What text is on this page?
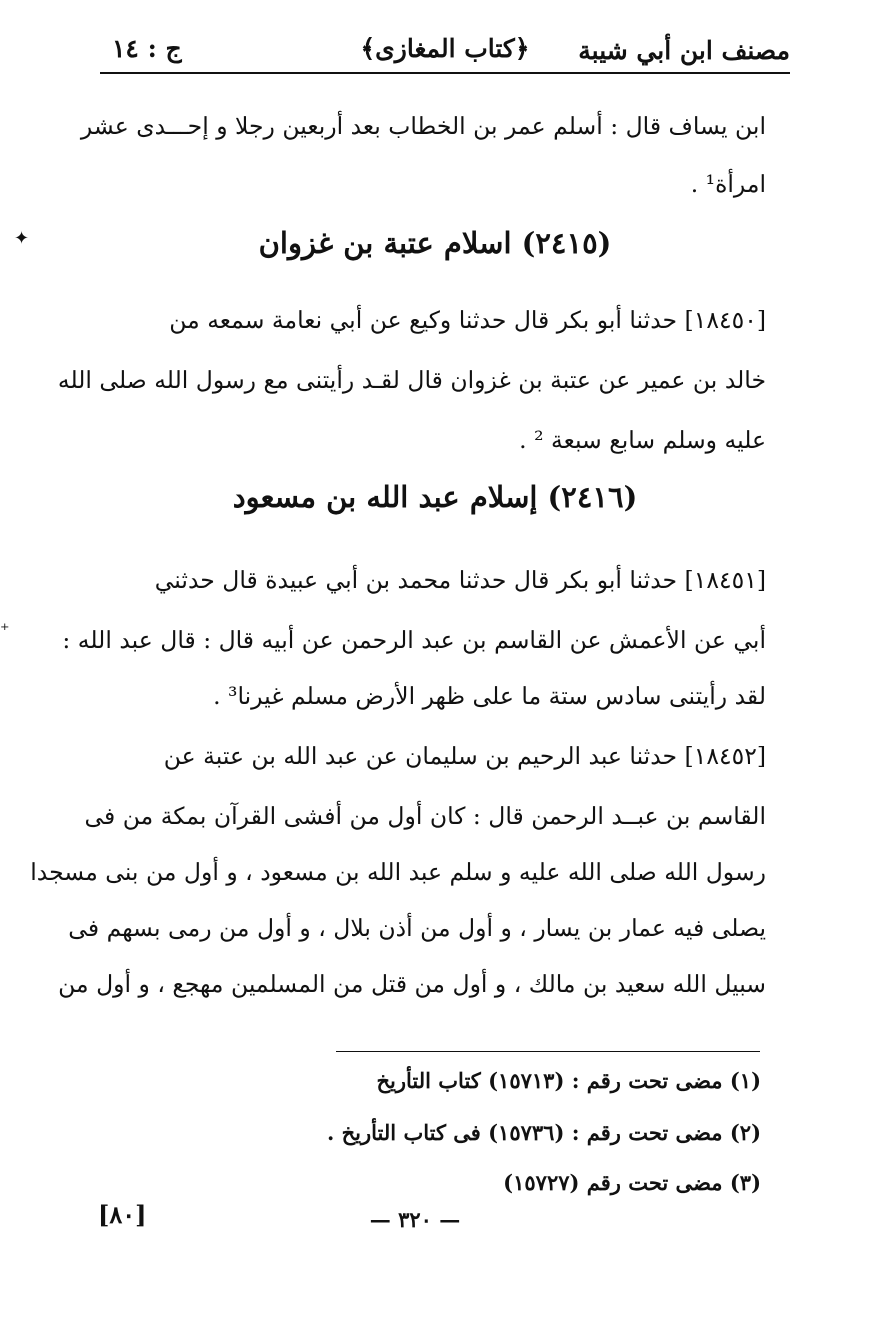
مصنف ابن أبي شيبة
﴿كتاب المغازى﴾
ج : ١٤
ابن يساف قال : أسلم عمر بن الخطاب بعد أربعين رجلا و إحـــدى عشر
امرأة¹ .
(٢٤١٥) اسلام عتبة بن غزوان
[١٨٤٥٠] حدثنا أبو بكر قال حدثنا وكيع عن أبي نعامة سمعه من
خالد بن عمير عن عتبة بن غزوان قال لقـد رأيتنى مع رسول الله صلى الله
عليه وسلم سابع سبعة ² .
(٢٤١٦) إسلام عبد الله بن مسعود
[١٨٤٥١] حدثنا أبو بكر قال حدثنا محمد بن أبي عبيدة قال حدثني
أبي عن الأعمش عن القاسم بن عبد الرحمن عن أبيه قال : قال عبد الله :
لقد رأيتنى سادس ستة ما على ظهر الأرض مسلم غيرنا³ .
[١٨٤٥٢] حدثنا عبد الرحيم بن سليمان عن عبد الله بن عتبة عن
القاسم بن عبــد الرحمن قال : كان أول من أفشى القرآن بمكة من فى
رسول الله صلى الله عليه و سلم عبد الله بن مسعود ، و أول من بنى مسجدا
يصلى فيه عمار بن يسار ، و أول من أذن بلال ، و أول من رمى بسهم فى
سبيل الله سعيد بن مالك ، و أول من قتل من المسلمين مهجع ، و أول من
(١) مضى تحت رقم : (١٥٧١٣) كتاب التأريخ
(٢) مضى تحت رقم : (١٥٧٣٦) فى كتاب التأريخ .
(٣) مضى تحت رقم (١٥٧٢٧)
[٨٠]	— ٣٢٠ —
✦
⁺
